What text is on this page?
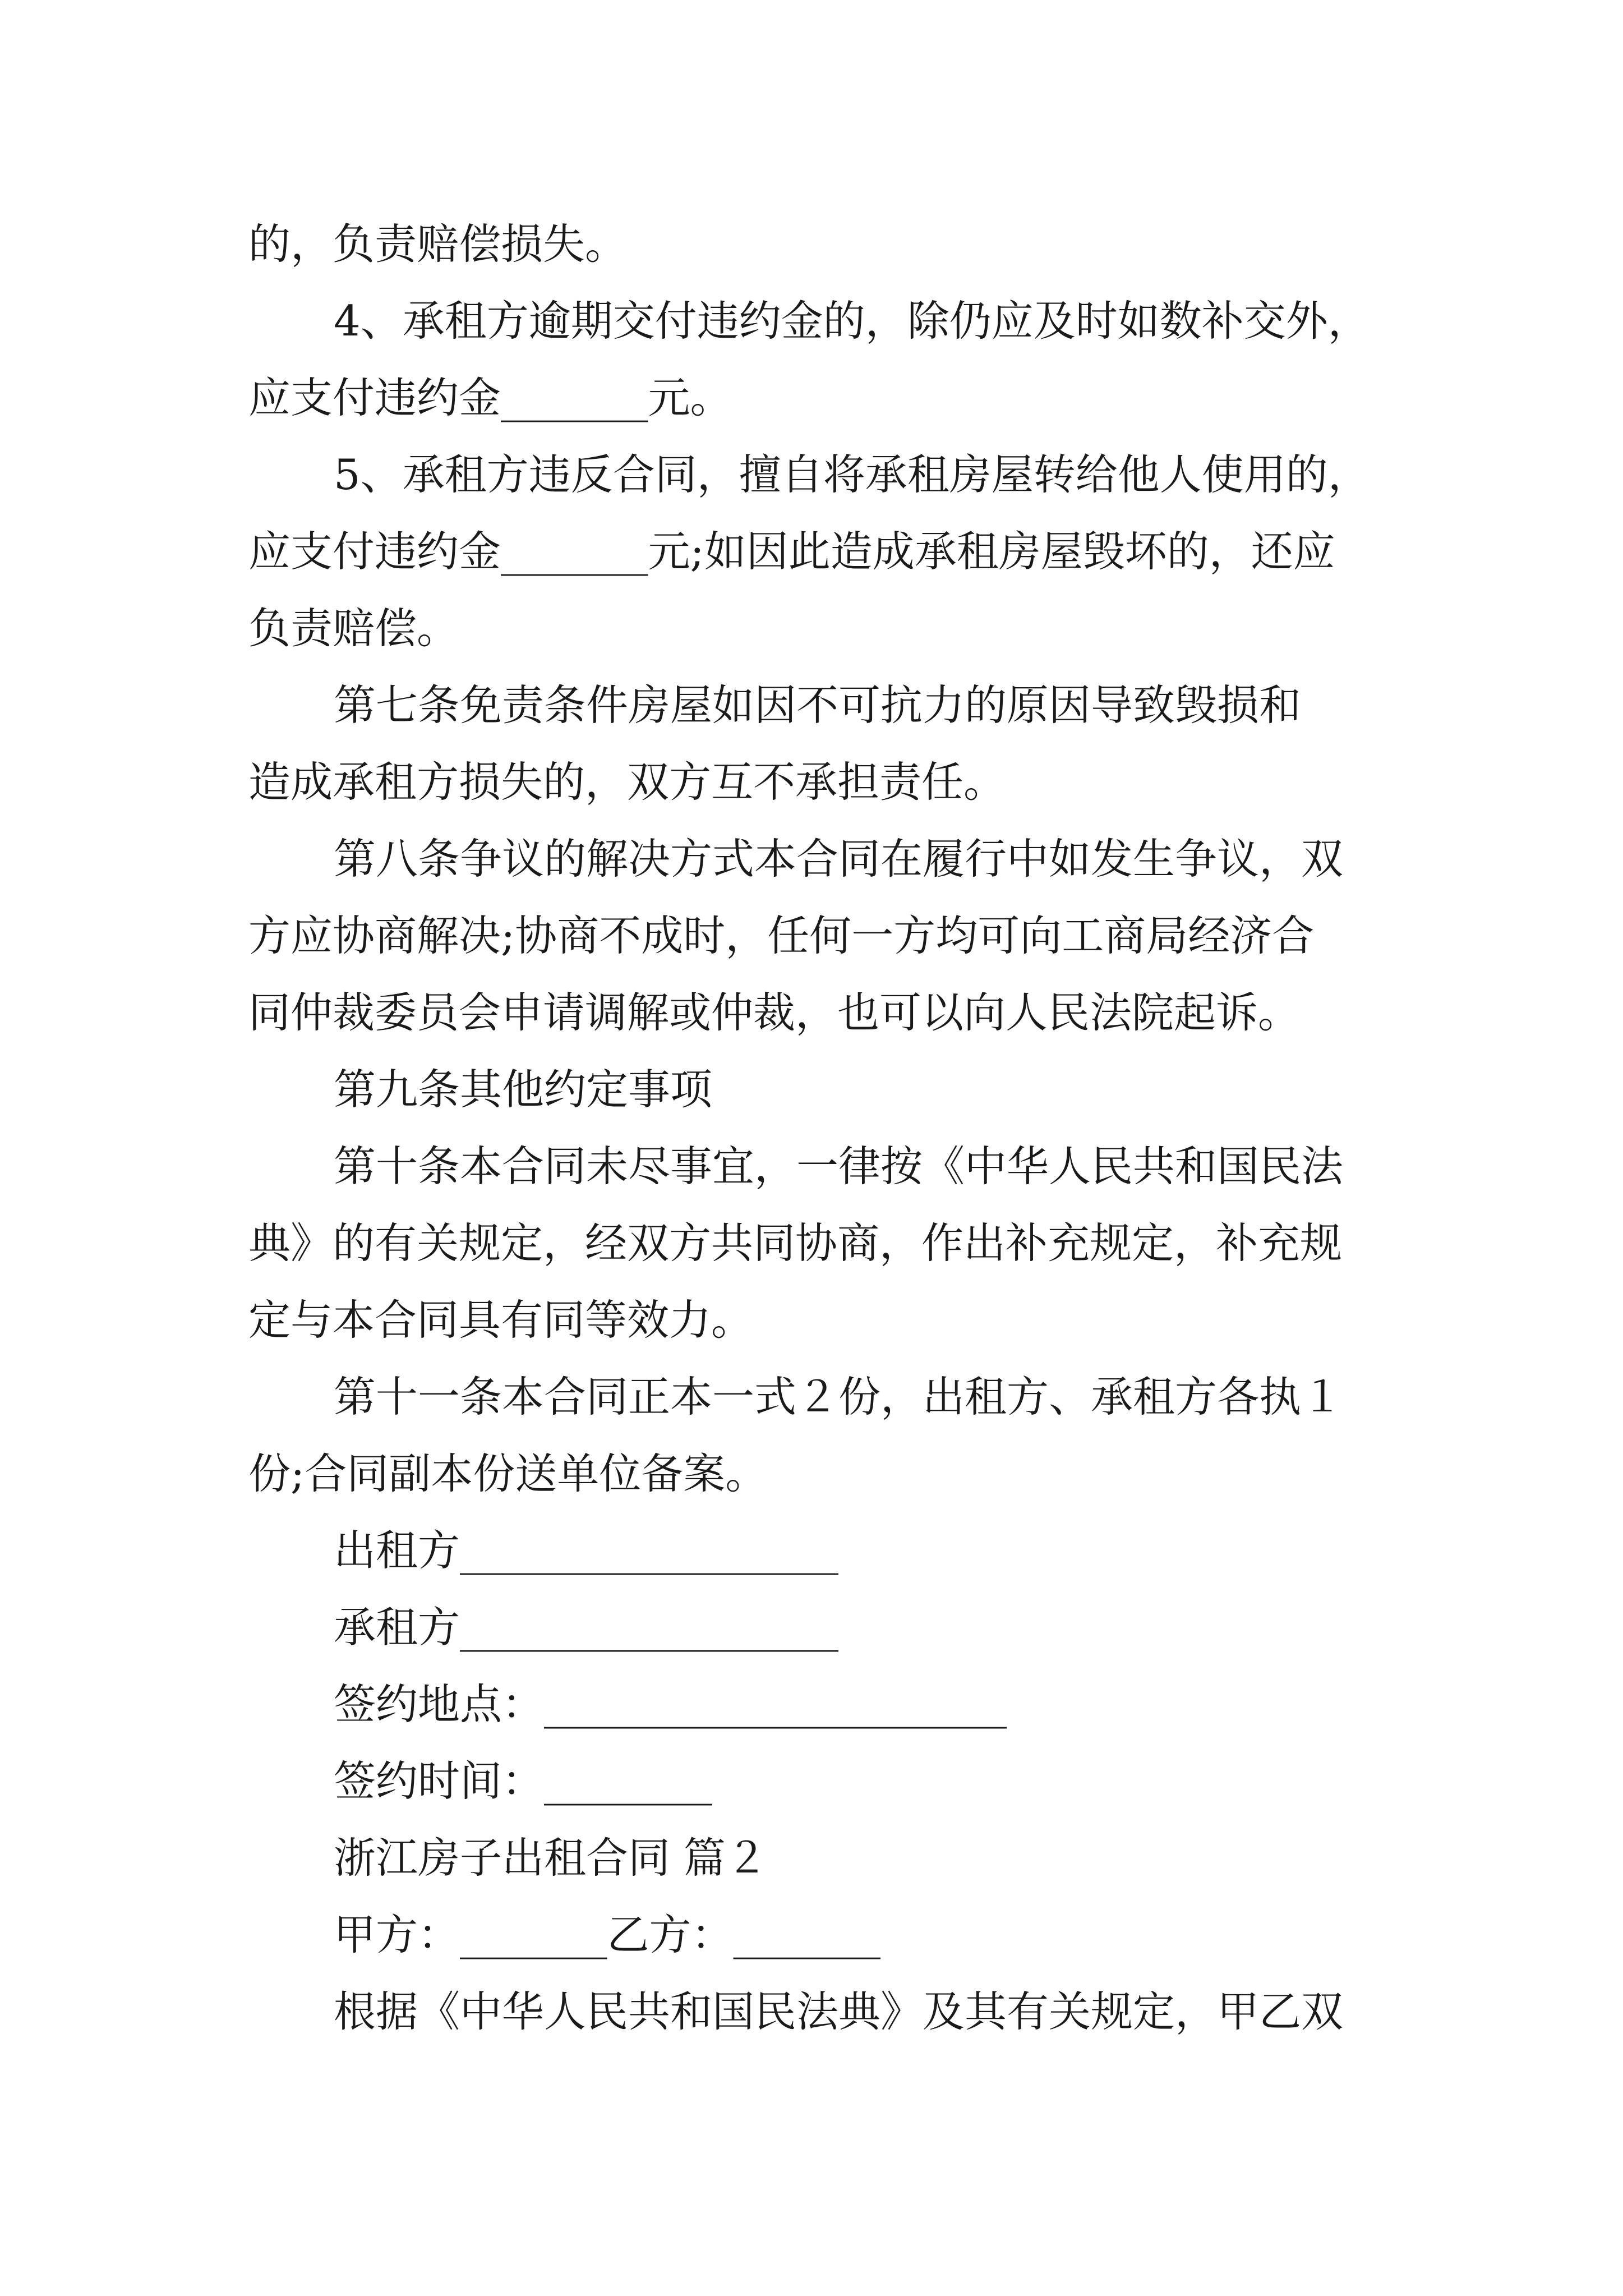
的，负责赔偿损失。
4、承租方逾期交付违约金的，除仍应及时如数补交外，
应支付违约金_______元。
5、承租方违反合同，擅自将承租房屋转给他人使用的，
应支付违约金_______元;如因此造成承租房屋毁坏的，还应
负责赔偿。
第七条免责条件房屋如因不可抗力的原因导致毁损和
造成承租方损失的，双方互不承担责任。
第八条争议的解决方式本合同在履行中如发生争议，双
方应协商解决;协商不成时，任何一方均可向工商局经济合
同仲裁委员会申请调解或仲裁，也可以向人民法院起诉。
第九条其他约定事项
第十条本合同未尽事宜，一律按《中华人民共和国民法
典》的有关规定，经双方共同协商，作出补充规定，补充规
定与本合同具有同等效力。
第十一条本合同正本一式２份，出租方、承租方各执１
份;合同副本份送单位备案。
出租方__________________
承租方__________________
签约地点：______________________
签约时间：________
浙江房子出租合同 篇２
甲方：_______乙方：_______
根据《中华人民共和国民法典》及其有关规定，甲乙双
